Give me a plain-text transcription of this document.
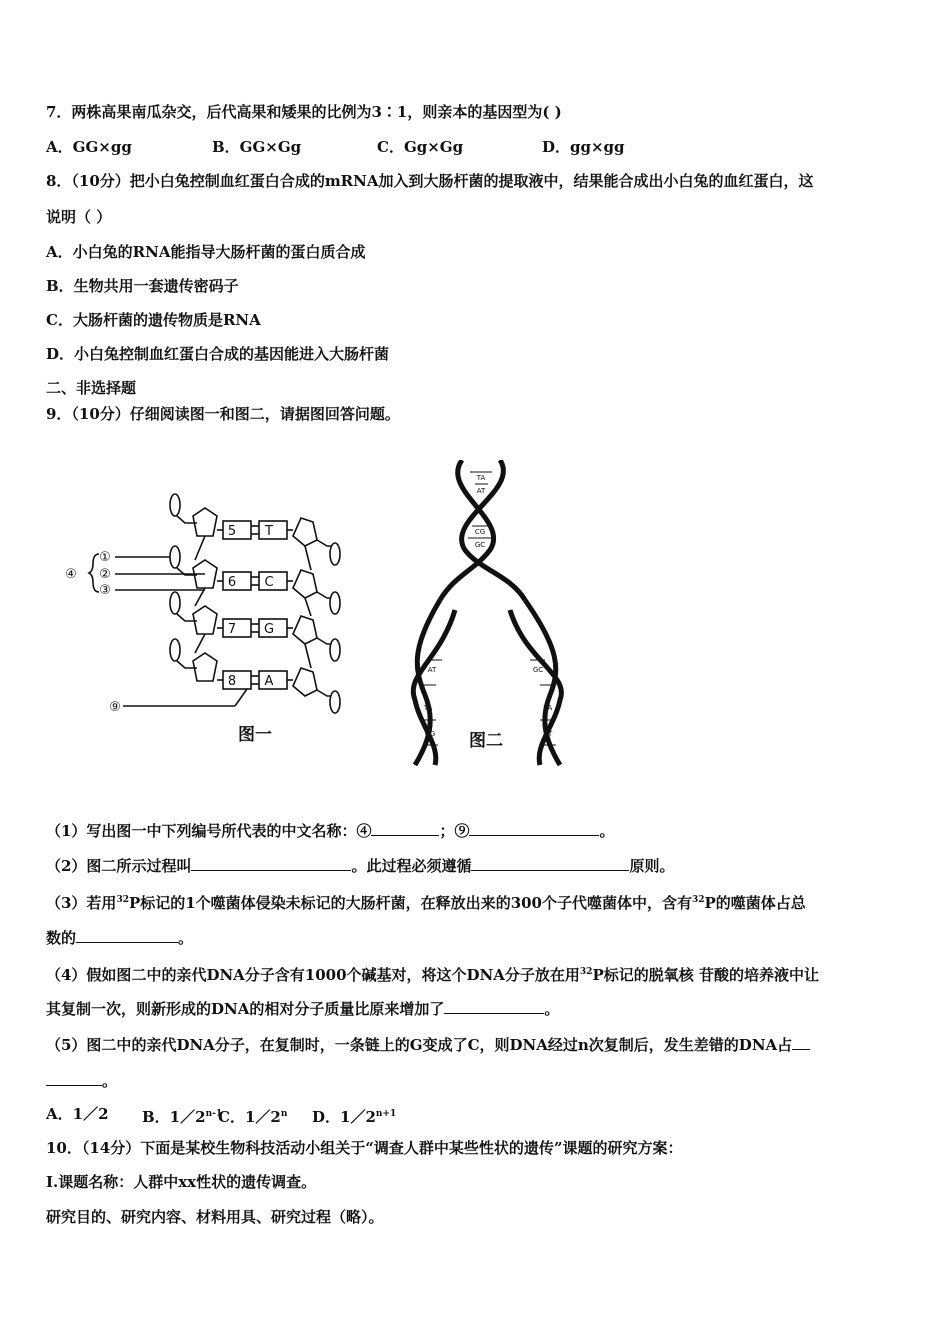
7．两株高果南瓜杂交，后代高果和矮果的比例为3∶1，则亲本的基因型为( )
A．GG×gg	B．GG×Gg	C．Gg×Gg	D．gg×gg
8．（10分）把小白兔控制血红蛋白合成的mRNA加入到大肠杆菌的提取液中，结果能合成出小白兔的血红蛋白，这
说明（ ）
A．小白兔的RNA能指导大肠杆菌的蛋白质合成
B．生物共用一套遗传密码子
C．大肠杆菌的遗传物质是RNA
D．小白兔控制血红蛋白合成的基因能进入大肠杆菌
二、非选择题
9．（10分）仔细阅读图一和图二，请据图回答问题。
5
6
7
8
T
C
G
A
①
②
③
④
⑨
图一
TA
AT
CG
GC
AT
TA
CG
GC
TA
AT
图二
（1）写出图一中下列编号所代表的中文名称：④	；⑨	。
（2）图二所示过程叫	。此过程必须遵循	原则。
（3）若用$^{32}$P标记的1个噬菌体侵染未标记的大肠杆菌，在释放出来的300个子代噬菌体中，含有$^{32}$P的噬菌体占总
数的	。
（4）假如图二中的亲代DNA分子含有1000个碱基对，将这个DNA分子放在用$^{32}$P标记的脱氧核 苷酸的培养液中让
其复制一次，则新形成的DNA的相对分子质量比原来增加了	。
（5）图二中的亲代DNA分子，在复制时，一条链上的G变成了C，则DNA经过n次复制后，发生差错的DNA占
。
A．1／2 B．1／2$^{n-1}$
C．1／2$^n$ D．$1/2^{n+1}$
10．（14分）下面是某校生物科技活动小组关于“调查人群中某些性状的遗传”课题的研究方案：
I.课题名称：人群中xx性状的遗传调查。
研究目的、研究内容、材料用具、研究过程（略）。
